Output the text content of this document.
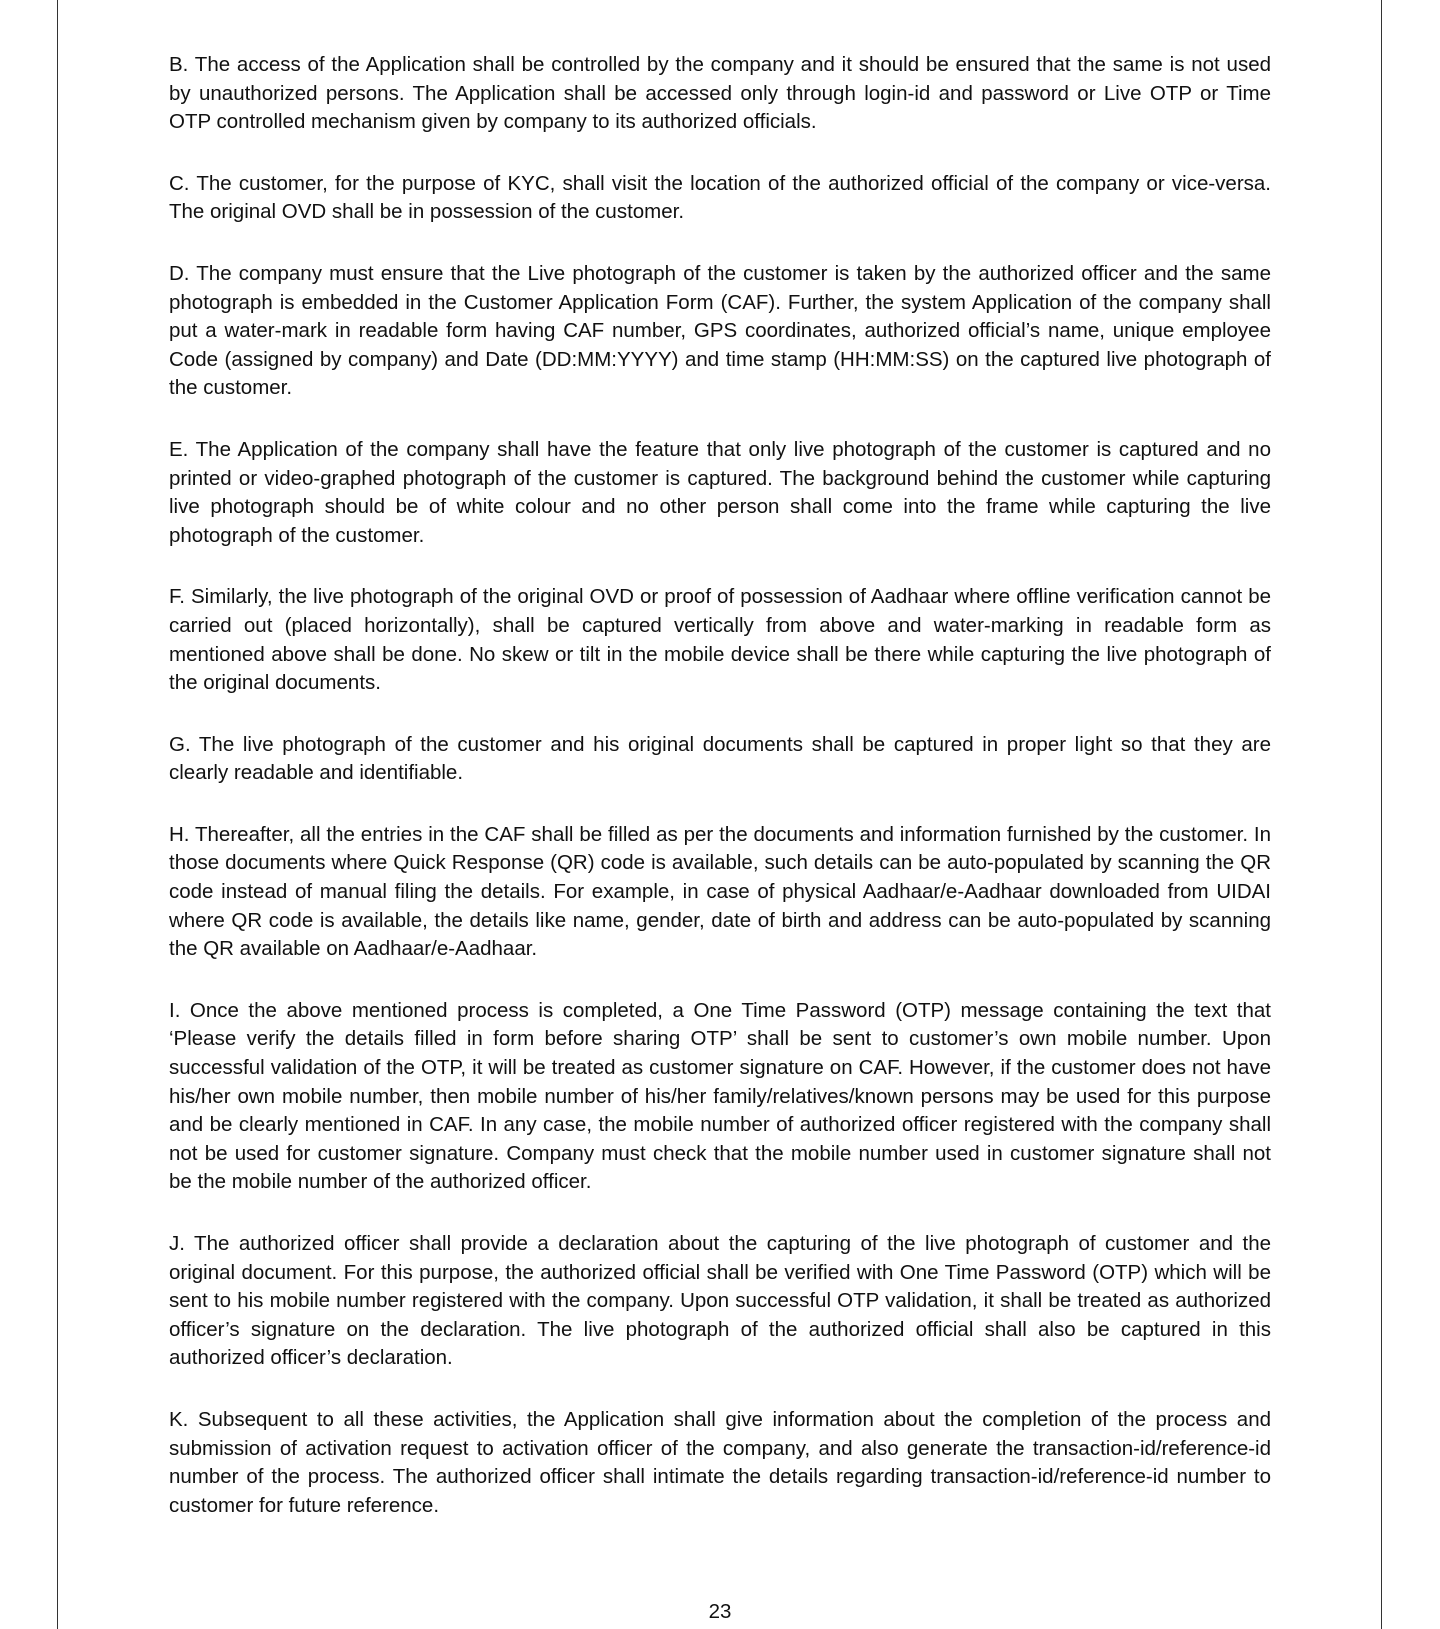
B. The access of the Application shall be controlled by the company and it should be ensured that the same is not used by unauthorized persons. The Application shall be accessed only through login-id and password or Live OTP or Time OTP controlled mechanism given by company to its authorized officials.

C. The customer, for the purpose of KYC, shall visit the location of the authorized official of the company or vice-versa. The original OVD shall be in possession of the customer.

D. The company must ensure that the Live photograph of the customer is taken by the authorized officer and the same photograph is embedded in the Customer Application Form (CAF). Further, the system Application of the company shall put a water-mark in readable form having CAF number, GPS coordinates, authorized official’s name, unique employee Code (assigned by company) and Date (DD:MM:YYYY) and time stamp (HH:MM:SS) on the captured live photograph of the customer.

E. The Application of the company shall have the feature that only live photograph of the customer is captured and no printed or video-graphed photograph of the customer is captured. The background behind the customer while capturing live photograph should be of white colour and no other person shall come into the frame while capturing the live photograph of the customer.

F. Similarly, the live photograph of the original OVD or proof of possession of Aadhaar where offline verification cannot be carried out (placed horizontally), shall be captured vertically from above and water-marking in readable form as mentioned above shall be done. No skew or tilt in the mobile device shall be there while capturing the live photograph of the original documents.

G. The live photograph of the customer and his original documents shall be captured in proper light so that they are clearly readable and identifiable.

H. Thereafter, all the entries in the CAF shall be filled as per the documents and information furnished by the customer. In those documents where Quick Response (QR) code is available, such details can be auto-populated by scanning the QR code instead of manual filing the details. For example, in case of physical Aadhaar/e-Aadhaar downloaded from UIDAI where QR code is available, the details like name, gender, date of birth and address can be auto-populated by scanning the QR available on Aadhaar/e-Aadhaar.

I. Once the above mentioned process is completed, a One Time Password (OTP) message containing the text that ‘Please verify the details filled in form before sharing OTP’ shall be sent to customer’s own mobile number. Upon successful validation of the OTP, it will be treated as customer signature on CAF. However, if the customer does not have his/her own mobile number, then mobile number of his/her family/relatives/known persons may be used for this purpose and be clearly mentioned in CAF. In any case, the mobile number of authorized officer registered with the company shall not be used for customer signature. Company must check that the mobile number used in customer signature shall not be the mobile number of the authorized officer.

J. The authorized officer shall provide a declaration about the capturing of the live photograph of customer and the original document. For this purpose, the authorized official shall be verified with One Time Password (OTP) which will be sent to his mobile number registered with the company. Upon successful OTP validation, it shall be treated as authorized officer’s signature on the declaration. The live photograph of the authorized official shall also be captured in this authorized officer’s declaration.

K. Subsequent to all these activities, the Application shall give information about the completion of the process and submission of activation request to activation officer of the company, and also generate the transaction-id/reference-id number of the process. The authorized officer shall intimate the details regarding transaction-id/reference-id number to customer for future reference.

23
